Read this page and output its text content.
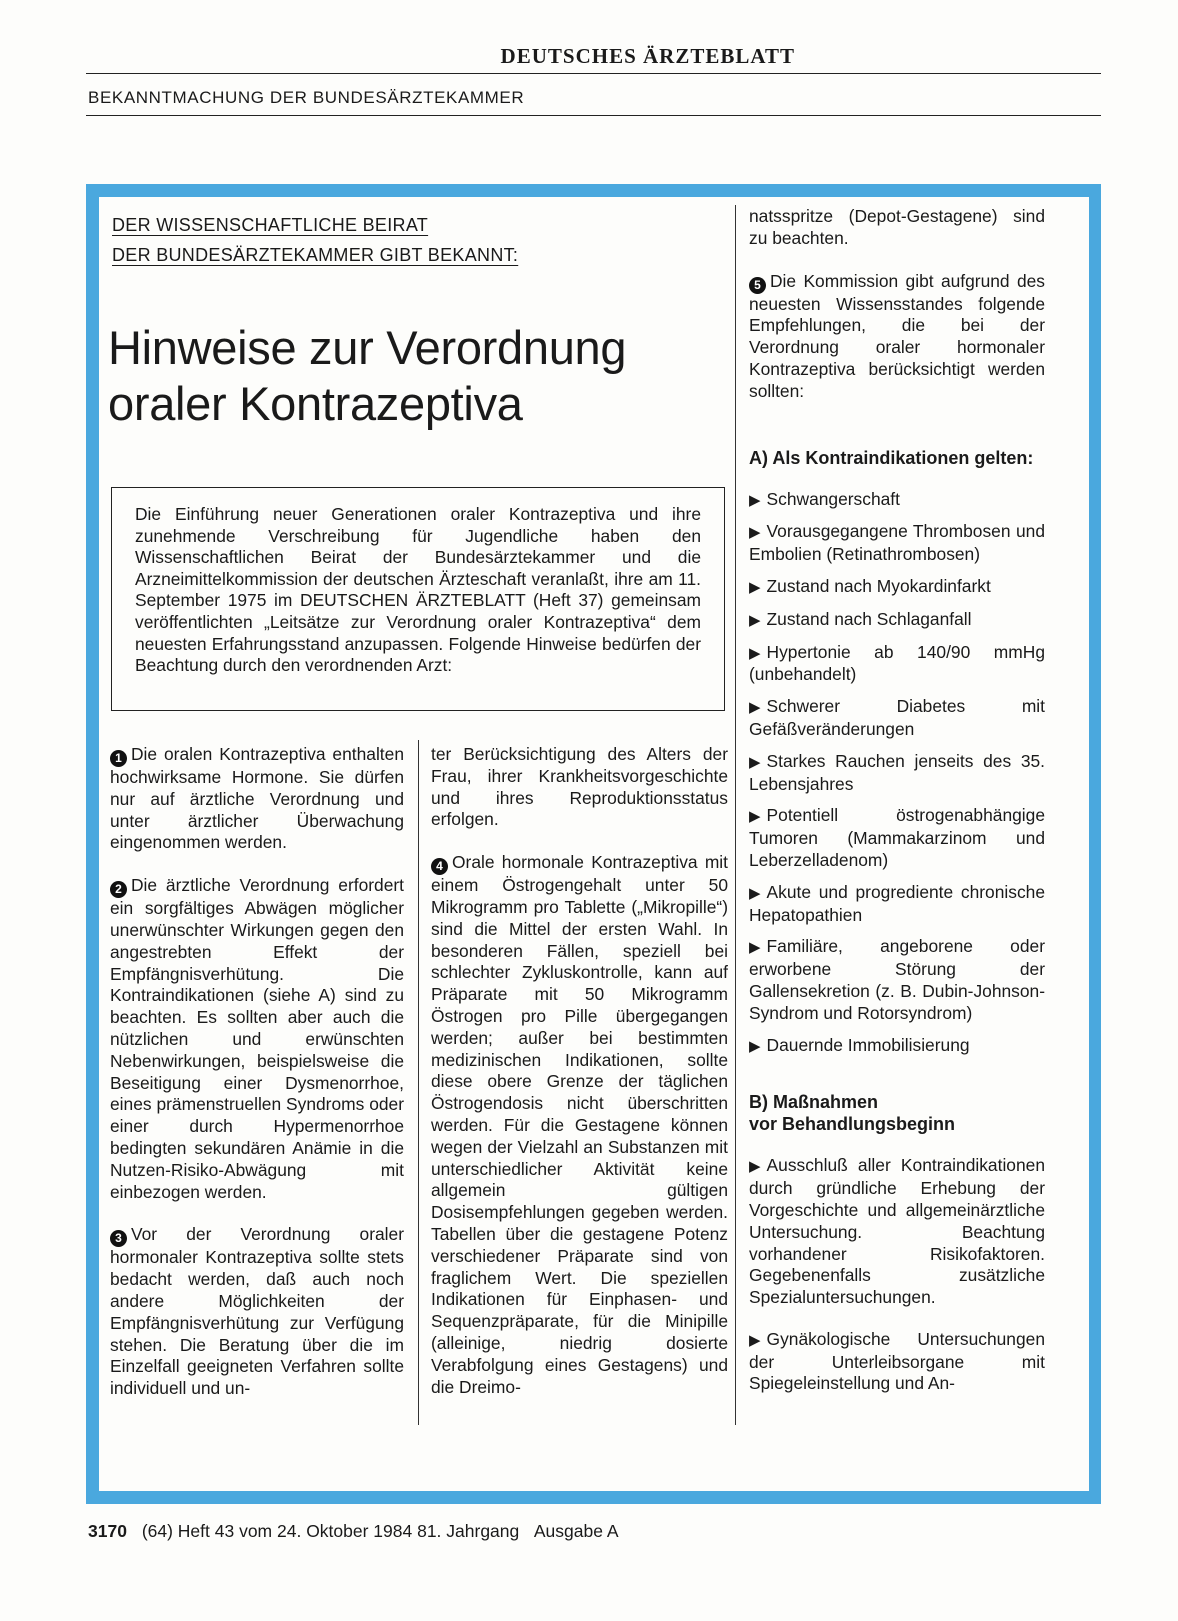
DEUTSCHES ÄRZTEBLATT
BEKANNTMACHUNG DER BUNDESÄRZTEKAMMER
DER WISSENSCHAFTLICHE BEIRAT
DER BUNDESÄRZTEKAMMER GIBT BEKANNT:
Hinweise zur Verordnung
oraler Kontrazeptiva
Die Einführung neuer Generationen oraler Kontrazeptiva und ihre zunehmende Verschreibung für Jugendliche haben den Wissenschaftlichen Beirat der Bundesärztekammer und die Arzneimittelkommission der deutschen Ärzteschaft veranlaßt, ihre am 11. September 1975 im DEUTSCHEN ÄRZTEBLATT (Heft 37) gemeinsam veröffentlichten „Leitsätze zur Verordnung oraler Kontrazeptiva“ dem neuesten Erfahrungsstand anzupassen. Folgende Hinweise bedürfen der Beachtung durch den verordnenden Arzt:

1 Die oralen Kontrazeptiva enthalten hochwirksame Hormone. Sie dürfen nur auf ärztliche Verordnung und unter ärztlicher Überwachung eingenommen werden.

2 Die ärztliche Verordnung erfordert ein sorgfältiges Abwägen möglicher unerwünschter Wirkungen gegen den angestrebten Effekt der Empfängnisverhütung. Die Kontraindikationen (siehe A) sind zu beachten. Es sollten aber auch die nützlichen und erwünschten Nebenwirkungen, beispielsweise die Beseitigung einer Dysmenorrhoe, eines prämenstruellen Syndroms oder einer durch Hypermenorrhoe bedingten sekundären Anämie in die Nutzen-Risiko-Abwägung mit einbezogen werden.

3 Vor der Verordnung oraler hormonaler Kontrazeptiva sollte stets bedacht werden, daß auch noch andere Möglichkeiten der Empfängnisverhütung zur Verfügung stehen. Die Beratung über die im Einzelfall geeigneten Verfahren sollte individuell und un-

ter Berücksichtigung des Alters der Frau, ihrer Krankheitsvorgeschichte und ihres Reproduktionsstatus erfolgen.

4 Orale hormonale Kontrazeptiva mit einem Östrogengehalt unter 50 Mikrogramm pro Tablette („Mikropille“) sind die Mittel der ersten Wahl. In besonderen Fällen, speziell bei schlechter Zykluskontrolle, kann auf Präparate mit 50 Mikrogramm Östrogen pro Pille übergegangen werden; außer bei bestimmten medizinischen Indikationen, sollte diese obere Grenze der täglichen Östrogendosis nicht überschritten werden. Für die Gestagene können wegen der Vielzahl an Substanzen mit unterschiedlicher Aktivität keine allgemein gültigen Dosisempfehlungen gegeben werden. Tabellen über die gestagene Potenz verschiedener Präparate sind von fraglichem Wert. Die speziellen Indikationen für Einphasen- und Sequenzpräparate, für die Minipille (alleinige, niedrig dosierte Verabfolgung eines Gestagens) und die Dreimo-

natsspritze (Depot-Gestagene) sind zu beachten.

5 Die Kommission gibt aufgrund des neuesten Wissensstandes folgende Empfehlungen, die bei der Verordnung oraler hormonaler Kontrazeptiva berücksichtigt werden sollten:

A) Als Kontraindikationen gelten:

▶ Schwangerschaft

▶ Vorausgegangene Thrombosen und Embolien (Retinathrombosen)

▶ Zustand nach Myokardinfarkt

▶ Zustand nach Schlaganfall

▶ Hypertonie ab 140/90 mmHg (unbehandelt)

▶ Schwerer Diabetes mit Gefäßveränderungen

▶ Starkes Rauchen jenseits des 35. Lebensjahres

▶ Potentiell östrogenabhängige Tumoren (Mammakarzinom und Leberzelladenom)

▶ Akute und progrediente chronische Hepatopathien

▶ Familiäre, angeborene oder erworbene Störung der Gallensekretion (z. B. Dubin-Johnson-Syndrom und Rotorsyndrom)

▶ Dauernde Immobilisierung

B) Maßnahmen
vor Behandlungsbeginn

▶ Ausschluß aller Kontraindikationen durch gründliche Erhebung der Vorgeschichte und allgemeinärztliche Untersuchung. Beachtung vorhandener Risikofaktoren. Gegebenenfalls zusätzliche Spezialuntersuchungen.

▶ Gynäkologische Untersuchungen der Unterleibsorgane mit Spiegeleinstellung und An-

3170 (64) Heft 43 vom 24. Oktober 1984 81. Jahrgang Ausgabe A
